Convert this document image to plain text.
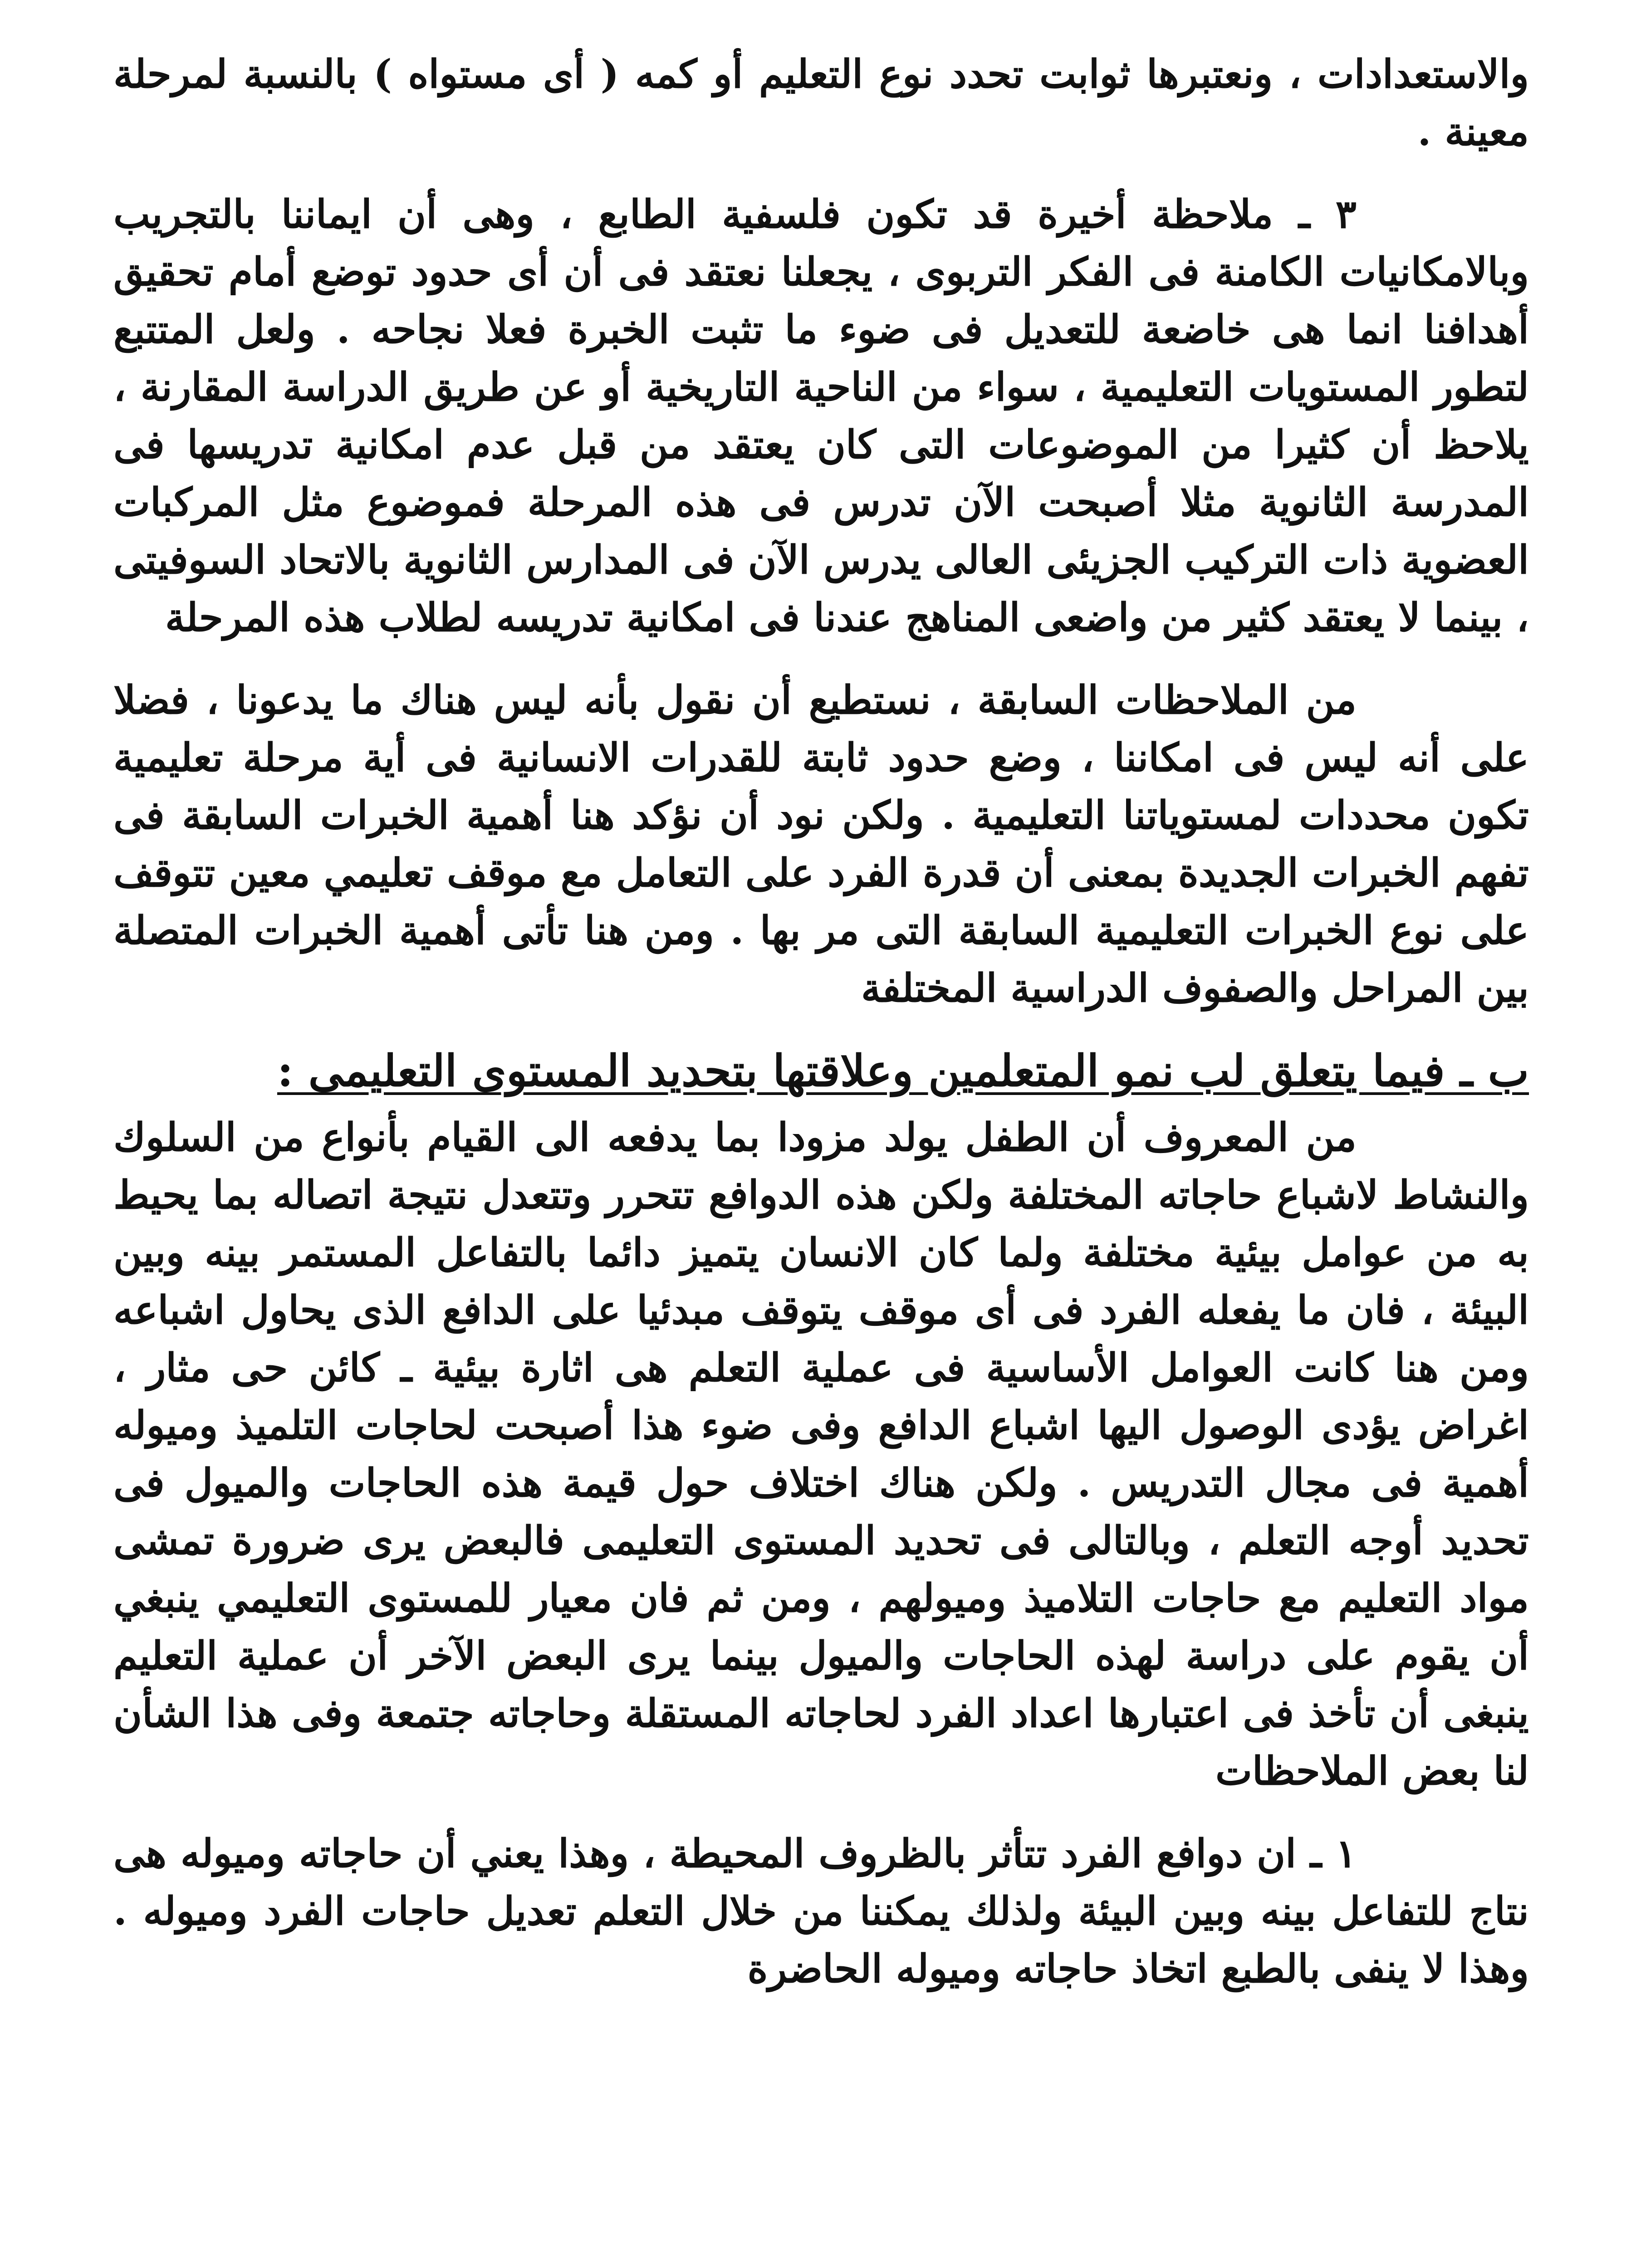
والاستعدادات ، ونعتبرها ثوابت تحدد نوع التعليم أو كمه ( أى مستواه ) بالنسبة لمرحلة معينة .

٣ ـ ملاحظة أخيرة قد تكون فلسفية الطابع ، وهى أن ايماننا بالتجريب وبالامكانيات الكامنة فى الفكر التربوى ، يجعلنا نعتقد فى أن أى حدود توضع أمام تحقيق أهدافنا انما هى خاضعة للتعديل فى ضوء ما تثبت الخبرة فعلا نجاحه . ولعل المتتبع لتطور المستويات التعليمية ، سواء من الناحية التاريخية أو عن طريق الدراسة المقارنة ، يلاحظ أن كثيرا من الموضوعات التى كان يعتقد من قبل عدم امكانية تدريسها فى المدرسة الثانوية مثلا أصبحت الآن تدرس فى هذه المرحلة فموضوع مثل المركبات العضوية ذات التركيب الجزيئى العالى يدرس الآن فى المدارس الثانوية بالاتحاد السوفيتى ، بينما لا يعتقد كثير من واضعى المناهج عندنا فى امكانية تدريسه لطلاب هذه المرحلة

من الملاحظات السابقة ، نستطيع أن نقول بأنه ليس هناك ما يدعونا ، فضلا على أنه ليس فى امكاننا ، وضع حدود ثابتة للقدرات الانسانية فى أية مرحلة تعليمية تكون محددات لمستوياتنا التعليمية . ولكن نود أن نؤكد هنا أهمية الخبرات السابقة فى تفهم الخبرات الجديدة بمعنى أن قدرة الفرد على التعامل مع موقف تعليمي معين تتوقف على نوع الخبرات التعليمية السابقة التى مر بها . ومن هنا تأتى أهمية الخبرات المتصلة بين المراحل والصفوف الدراسية المختلفة

ب ـ فيما يتعلق لب نمو المتعلمين وعلاقتها بتحديد المستوى التعليمى :

من المعروف أن الطفل يولد مزودا بما يدفعه الى القيام بأنواع من السلوك والنشاط لاشباع حاجاته المختلفة ولكن هذه الدوافع تتحرر وتتعدل نتيجة اتصاله بما يحيط به من عوامل بيئية مختلفة ولما كان الانسان يتميز دائما بالتفاعل المستمر بينه وبين البيئة ، فان ما يفعله الفرد فى أى موقف يتوقف مبدئيا على الدافع الذى يحاول اشباعه ومن هنا كانت العوامل الأساسية فى عملية التعلم هى اثارة بيئية ـ كائن حى مثار ، اغراض يؤدى الوصول اليها اشباع الدافع وفى ضوء هذا أصبحت لحاجات التلميذ وميوله أهمية فى مجال التدريس . ولكن هناك اختلاف حول قيمة هذه الحاجات والميول فى تحديد أوجه التعلم ، وبالتالى فى تحديد المستوى التعليمى فالبعض يرى ضرورة تمشى مواد التعليم مع حاجات التلاميذ وميولهم ، ومن ثم فان معيار للمستوى التعليمي ينبغي أن يقوم على دراسة لهذه الحاجات والميول بينما يرى البعض الآخر أن عملية التعليم ينبغى أن تأخذ فى اعتبارها اعداد الفرد لحاجاته المستقلة وحاجاته جتمعة وفى هذا الشأن لنا بعض الملاحظات

١ ـ ان دوافع الفرد تتأثر بالظروف المحيطة ، وهذا يعني أن حاجاته وميوله هى نتاج للتفاعل بينه وبين البيئة ولذلك يمكننا من خلال التعلم تعديل حاجات الفرد وميوله . وهذا لا ينفى بالطبع اتخاذ حاجاته وميوله الحاضرة
